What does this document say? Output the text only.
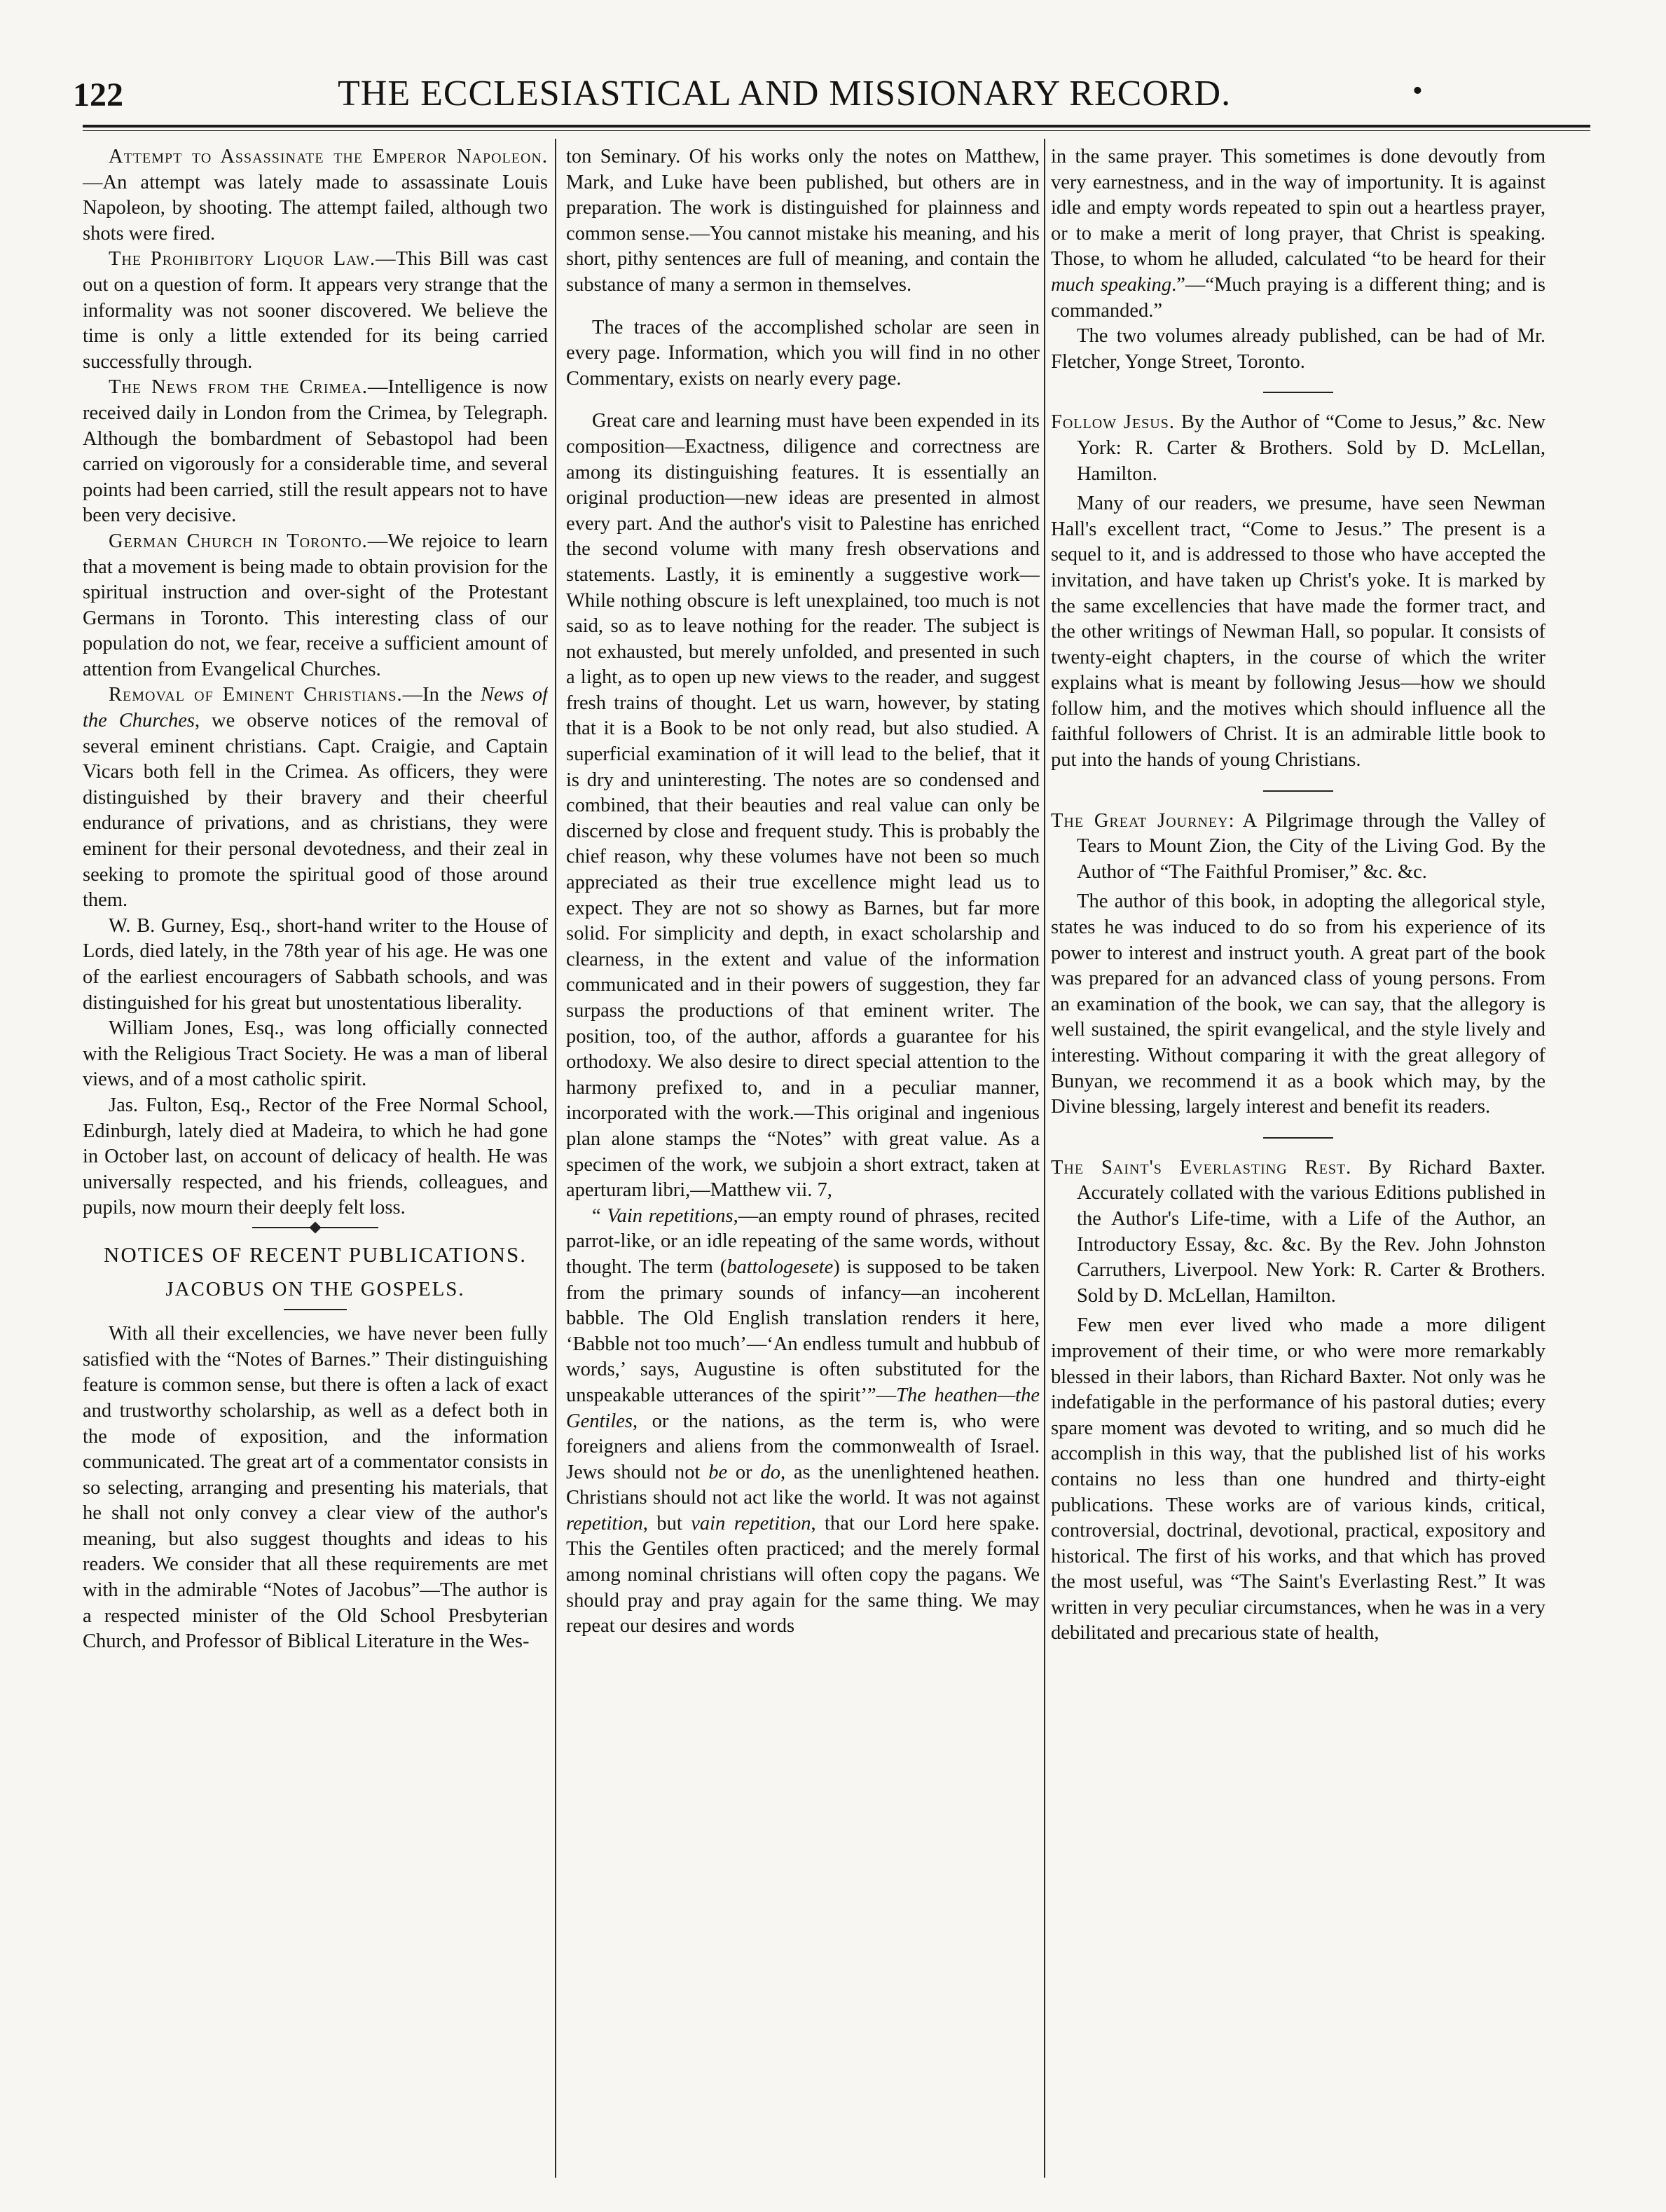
122	THE ECCLESIASTICAL AND MISSIONARY RECORD.	•

Attempt to Assassinate the Emperor Napoleon.—An attempt was lately made to assassinate Louis Napoleon, by shooting. The attempt failed, although two shots were fired.

The Prohibitory Liquor Law.—This Bill was cast out on a question of form. It appears very strange that the informality was not sooner discovered. We believe the time is only a little extended for its being carried successfully through.

The News from the Crimea.—Intelligence is now received daily in London from the Crimea, by Telegraph. Although the bombardment of Sebastopol had been carried on vigorously for a considerable time, and several points had been carried, still the result appears not to have been very decisive.

German Church in Toronto.—We rejoice to learn that a movement is being made to obtain provision for the spiritual instruction and over-sight of the Protestant Germans in Toronto. This interesting class of our population do not, we fear, receive a sufficient amount of attention from Evangelical Churches.

Removal of Eminent Christians.—In the News of the Churches, we observe notices of the removal of several eminent christians. Capt. Craigie, and Captain Vicars both fell in the Crimea. As officers, they were distinguished by their bravery and their cheerful endurance of privations, and as christians, they were eminent for their personal devotedness, and their zeal in seeking to promote the spiritual good of those around them.

W. B. Gurney, Esq., short-hand writer to the House of Lords, died lately, in the 78th year of his age. He was one of the earliest encouragers of Sabbath schools, and was distinguished for his great but unostentatious liberality.

William Jones, Esq., was long officially connected with the Religious Tract Society. He was a man of liberal views, and of a most catholic spirit.

Jas. Fulton, Esq., Rector of the Free Normal School, Edinburgh, lately died at Madeira, to which he had gone in October last, on account of delicacy of health. He was universally respected, and his friends, colleagues, and pupils, now mourn their deeply felt loss.

NOTICES OF RECENT PUBLICATIONS.
JACOBUS ON THE GOSPELS.

With all their excellencies, we have never been fully satisfied with the “Notes of Barnes.” Their distinguishing feature is common sense, but there is often a lack of exact and trustworthy scholarship, as well as a defect both in the mode of exposition, and the information communicated. The great art of a commentator consists in so selecting, arranging and presenting his materials, that he shall not only convey a clear view of the author's meaning, but also suggest thoughts and ideas to his readers. We consider that all these requirements are met with in the admirable “Notes of Jacobus”—The author is a respected minister of the Old School Presbyterian Church, and Professor of Biblical Literature in the Wes-

ton Seminary. Of his works only the notes on Matthew, Mark, and Luke have been published, but others are in preparation. The work is distinguished for plainness and common sense.—You cannot mistake his meaning, and his short, pithy sentences are full of meaning, and contain the substance of many a sermon in themselves.

The traces of the accomplished scholar are seen in every page. Information, which you will find in no other Commentary, exists on nearly every page.

Great care and learning must have been expended in its composition—Exactness, diligence and correctness are among its distinguishing features. It is essentially an original production—new ideas are presented in almost every part. And the author's visit to Palestine has enriched the second volume with many fresh observations and statements. Lastly, it is eminently a suggestive work—While nothing obscure is left unexplained, too much is not said, so as to leave nothing for the reader. The subject is not exhausted, but merely unfolded, and presented in such a light, as to open up new views to the reader, and suggest fresh trains of thought. Let us warn, however, by stating that it is a Book to be not only read, but also studied. A superficial examination of it will lead to the belief, that it is dry and uninteresting. The notes are so condensed and combined, that their beauties and real value can only be discerned by close and frequent study. This is probably the chief reason, why these volumes have not been so much appreciated as their true excellence might lead us to expect. They are not so showy as Barnes, but far more solid. For simplicity and depth, in exact scholarship and clearness, in the extent and value of the information communicated and in their powers of suggestion, they far surpass the productions of that eminent writer. The position, too, of the author, affords a guarantee for his orthodoxy. We also desire to direct special attention to the harmony prefixed to, and in a peculiar manner, incorporated with the work.—This original and ingenious plan alone stamps the “Notes” with great value. As a specimen of the work, we subjoin a short extract, taken at aperturam libri,—Matthew vii. 7,

“ Vain repetitions,—an empty round of phrases, recited parrot-like, or an idle repeating of the same words, without thought. The term (battologesete) is supposed to be taken from the primary sounds of infancy—an incoherent babble. The Old English translation renders it here, ‘Babble not too much’—‘An endless tumult and hubbub of words,’ says, Augustine is often substituted for the unspeakable utterances of the spirit’”—The heathen—the Gentiles, or the nations, as the term is, who were foreigners and aliens from the commonwealth of Israel. Jews should not be or do, as the unenlightened heathen. Christians should not act like the world. It was not against repetition, but vain repetition, that our Lord here spake. This the Gentiles often practiced; and the merely formal among nominal christians will often copy the pagans. We should pray and pray again for the same thing. We may repeat our desires and words

in the same prayer. This sometimes is done devoutly from very earnestness, and in the way of importunity. It is against idle and empty words repeated to spin out a heartless prayer, or to make a merit of long prayer, that Christ is speaking. Those, to whom he alluded, calculated “to be heard for their much speaking.”—“Much praying is a different thing; and is commanded.”

The two volumes already published, can be had of Mr. Fletcher, Yonge Street, Toronto.

Follow Jesus. By the Author of “Come to Jesus,” &c. New York: R. Carter & Brothers. Sold by D. McLellan, Hamilton.

Many of our readers, we presume, have seen Newman Hall's excellent tract, “Come to Jesus.” The present is a sequel to it, and is addressed to those who have accepted the invitation, and have taken up Christ's yoke. It is marked by the same excellencies that have made the former tract, and the other writings of Newman Hall, so popular. It consists of twenty-eight chapters, in the course of which the writer explains what is meant by following Jesus—how we should follow him, and the motives which should influence all the faithful followers of Christ. It is an admirable little book to put into the hands of young Christians.

The Great Journey: A Pilgrimage through the Valley of Tears to Mount Zion, the City of the Living God. By the Author of “The Faithful Promiser,” &c. &c.

The author of this book, in adopting the allegorical style, states he was induced to do so from his experience of its power to interest and instruct youth. A great part of the book was prepared for an advanced class of young persons. From an examination of the book, we can say, that the allegory is well sustained, the spirit evangelical, and the style lively and interesting. Without comparing it with the great allegory of Bunyan, we recommend it as a book which may, by the Divine blessing, largely interest and benefit its readers.

The Saint's Everlasting Rest. By Richard Baxter. Accurately collated with the various Editions published in the Author's Life-time, with a Life of the Author, an Introductory Essay, &c. &c. By the Rev. John Johnston Carruthers, Liverpool. New York: R. Carter & Brothers. Sold by D. McLellan, Hamilton.

Few men ever lived who made a more diligent improvement of their time, or who were more remarkably blessed in their labors, than Richard Baxter. Not only was he indefatigable in the performance of his pastoral duties; every spare moment was devoted to writing, and so much did he accomplish in this way, that the published list of his works contains no less than one hundred and thirty-eight publications. These works are of various kinds, critical, controversial, doctrinal, devotional, practical, expository and historical. The first of his works, and that which has proved the most useful, was “The Saint's Everlasting Rest.” It was written in very peculiar circumstances, when he was in a very debilitated and precarious state of health,
